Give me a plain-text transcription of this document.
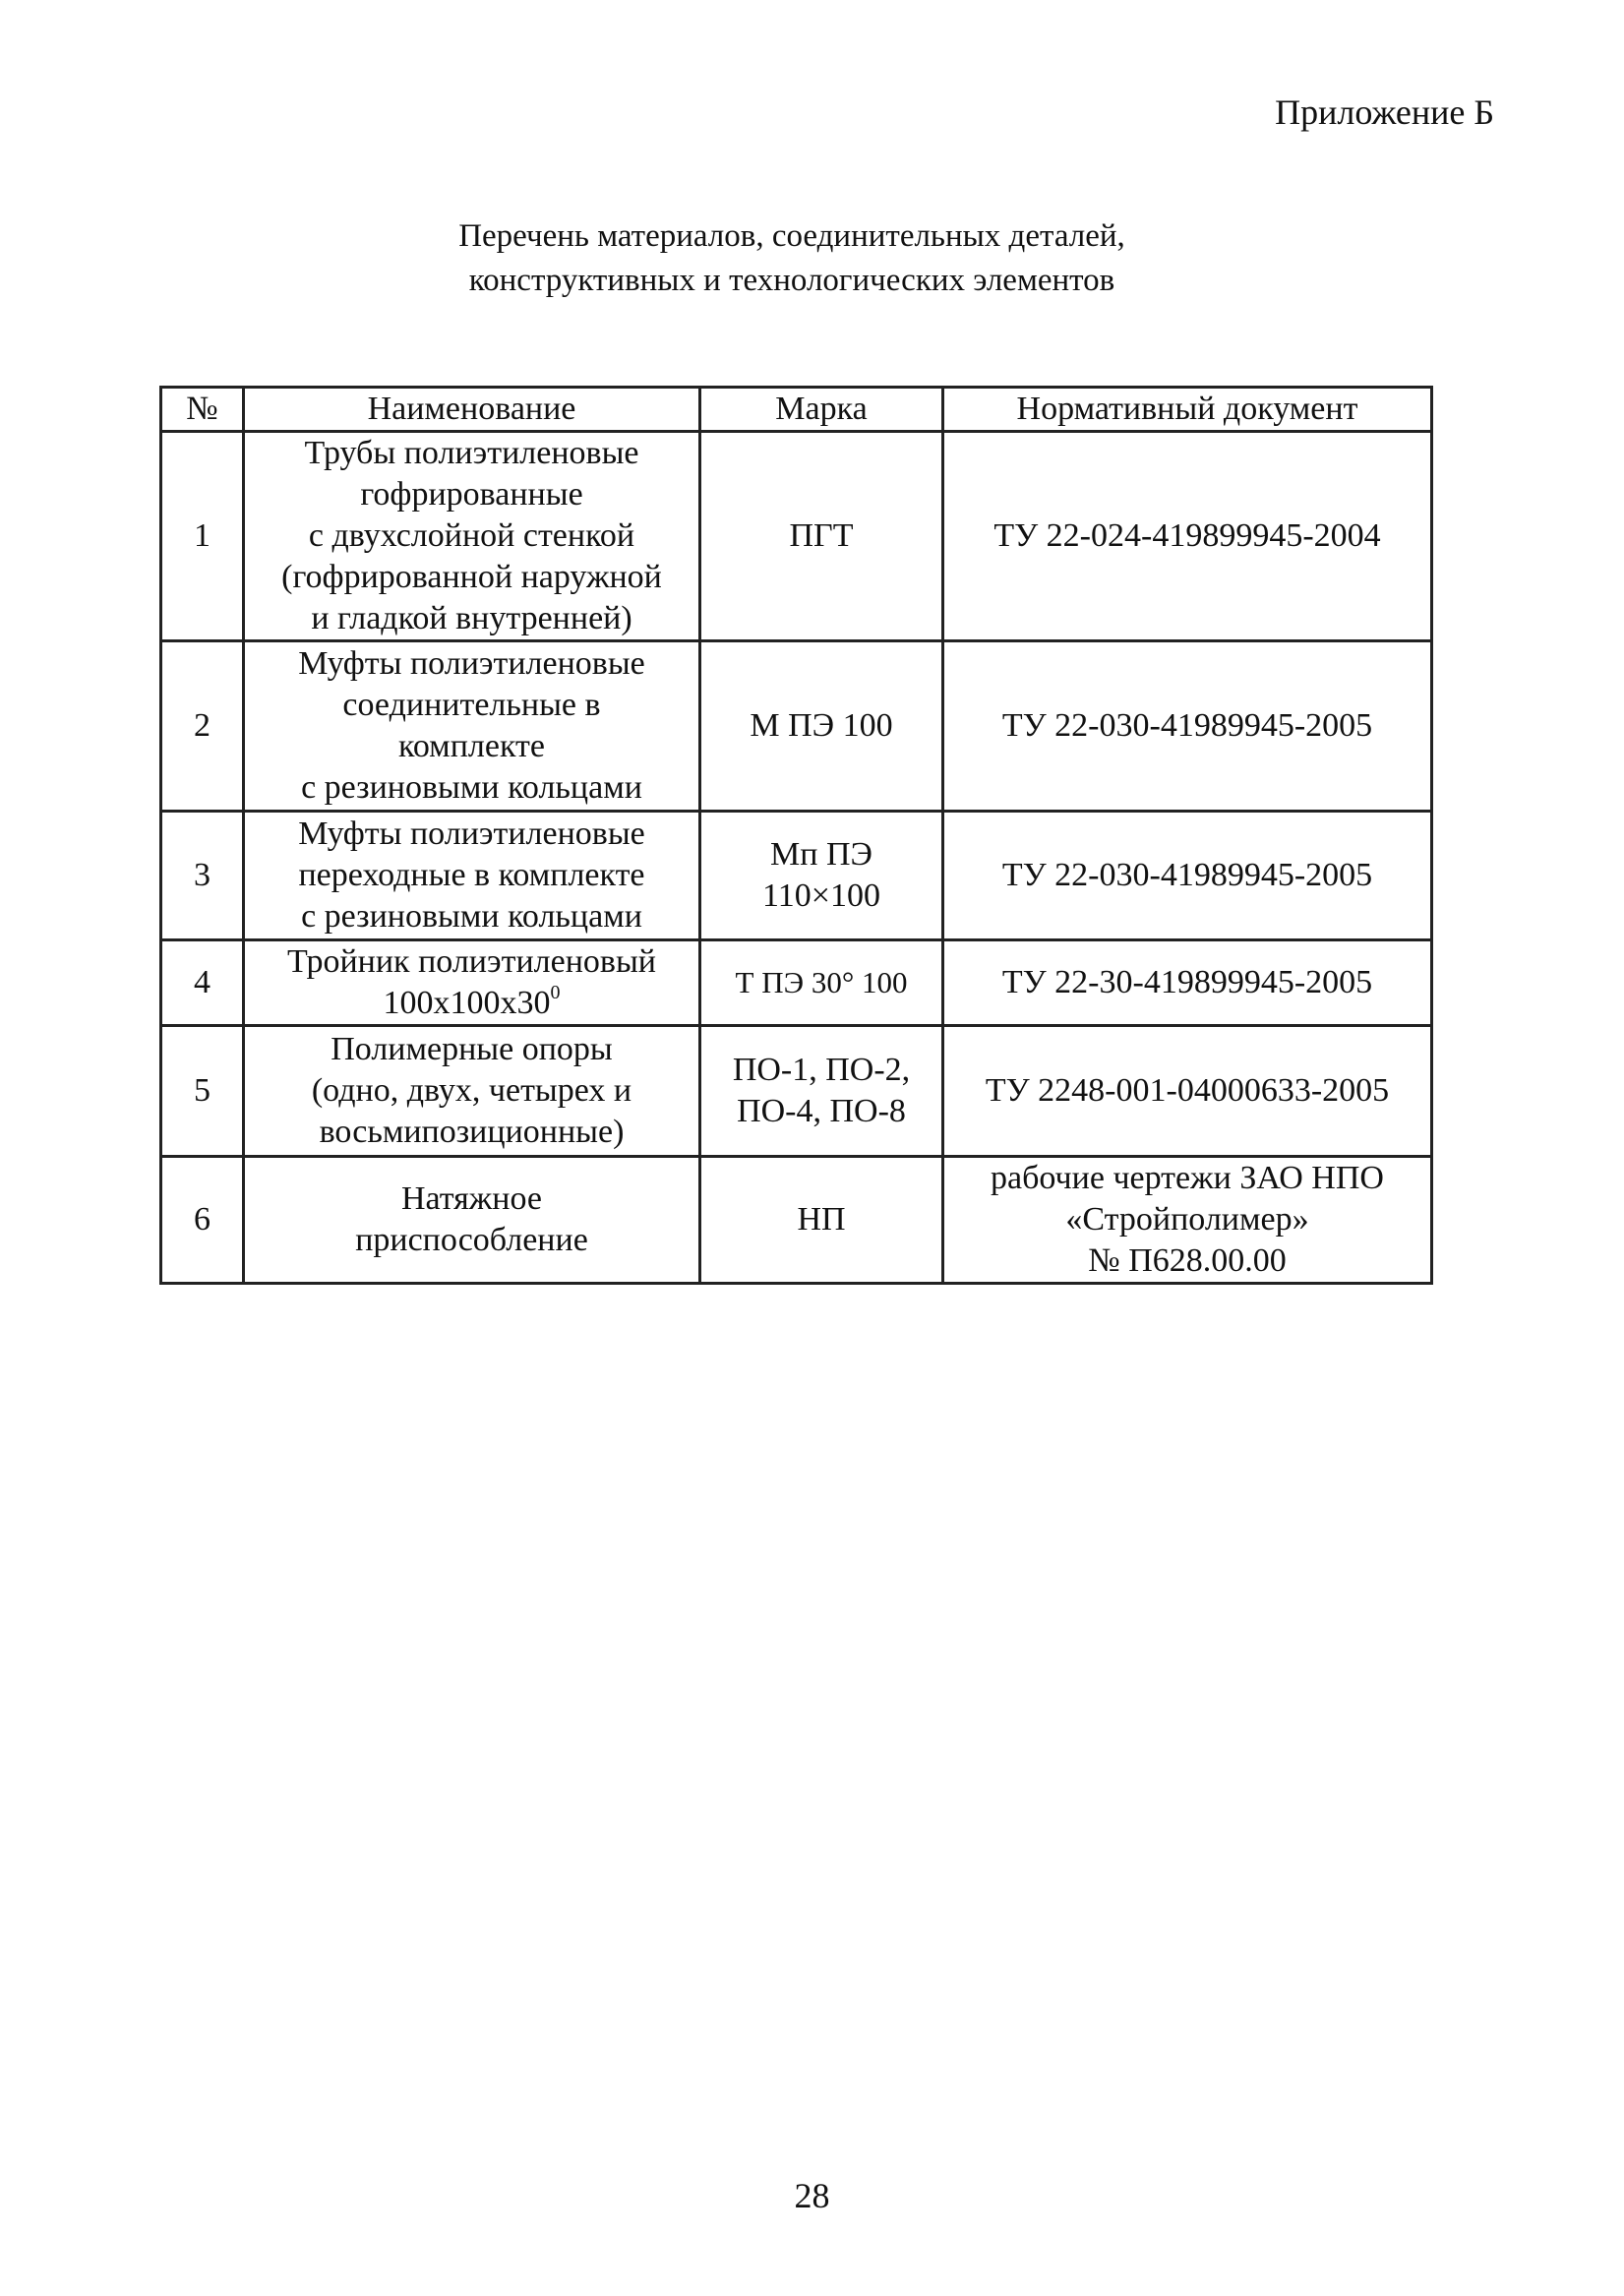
Приложение Б
Перечень материалов, соединительных деталей,
конструктивных и технологических элементов
№	Наименование	Марка	Нормативный документ
1	Трубы полиэтиленовые
гофрированные
с двухслойной стенкой
(гофрированной наружной
и гладкой внутренней)	ПГТ	ТУ 22-024-419899945-2004
2	Муфты полиэтиленовые
соединительные в
комплекте
с резиновыми кольцами	М ПЭ 100	ТУ 22-030-41989945-2005
3	Муфты полиэтиленовые
переходные в комплекте
с резиновыми кольцами	Мп ПЭ
110×100	ТУ 22-030-41989945-2005
4	Тройник полиэтиленовый
$100x100x30^0$	Т ПЭ 30° 100	ТУ 22-30-419899945-2005
5	Полимерные опоры
(одно, двух, четырех и
восьмипозиционные)	ПО-1, ПО-2,
ПО-4, ПО-8	ТУ 2248-001-04000633-2005
6	Натяжное
приспособление	НП	рабочие чертежи ЗАО НПО
«Стройполимер»
№ П628.00.00
28
